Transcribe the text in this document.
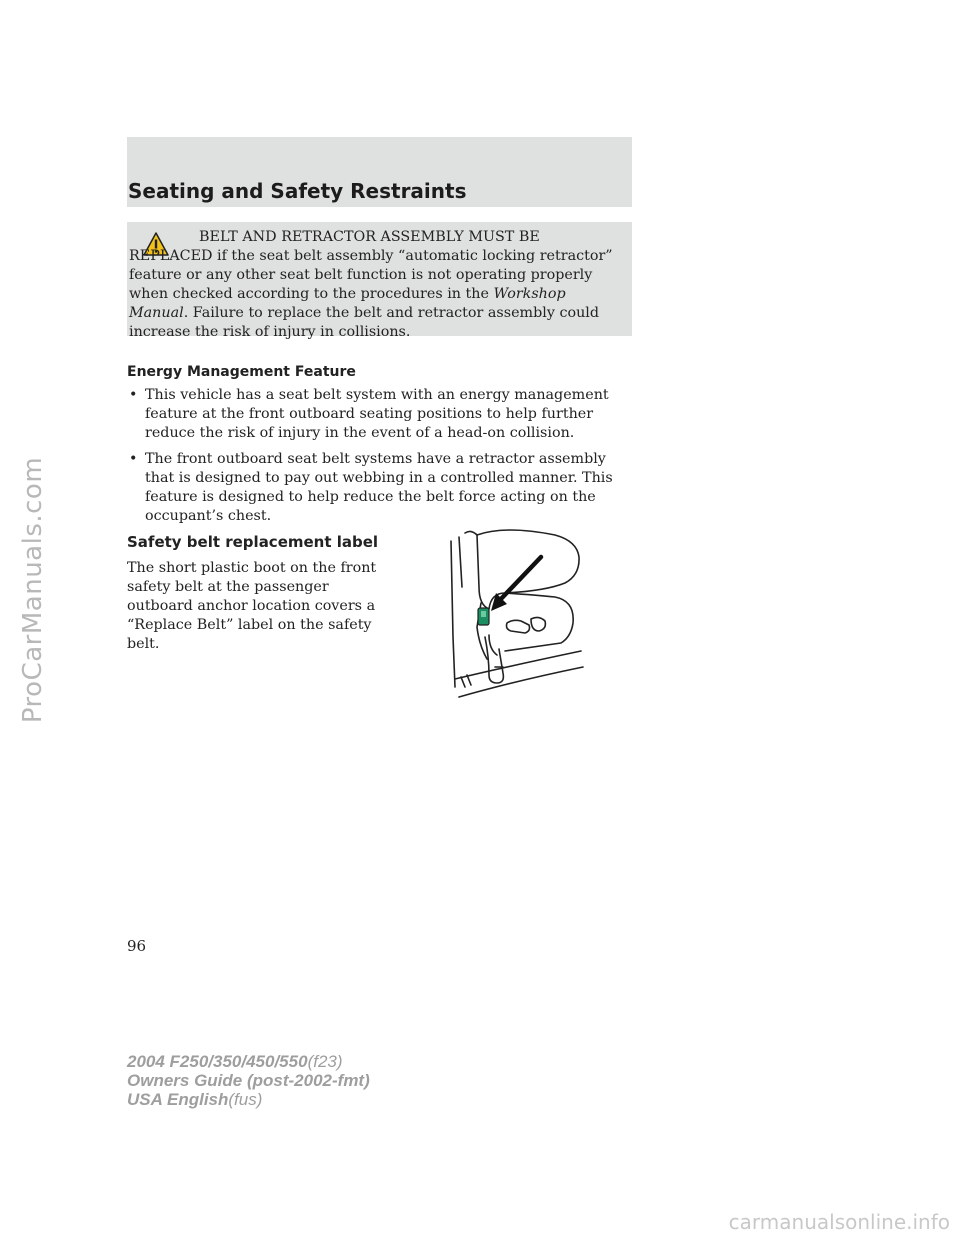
ProCarManuals.com
Seating and Safety Restraints

BELT AND RETRACTOR ASSEMBLY MUST BE REPLACED if the seat belt assembly “automatic locking retractor” feature or any other seat belt function is not operating properly when checked according to the procedures in the Workshop Manual. Failure to replace the belt and retractor assembly could increase the risk of injury in collisions.

Energy Management Feature
• This vehicle has a seat belt system with an energy management feature at the front outboard seating positions to help further reduce the risk of injury in the event of a head-on collision.
• The front outboard seat belt systems have a retractor assembly that is designed to pay out webbing in a controlled manner. This feature is designed to help reduce the belt force acting on the occupant’s chest.
Safety belt replacement label

The short plastic boot on the front safety belt at the passenger outboard anchor location covers a “Replace Belt” label on the safety belt.

96

2004 F250/350/450/550(f23)
Owners Guide (post-2002-fmt)
USA English(fus)
carmanualsonline.info
